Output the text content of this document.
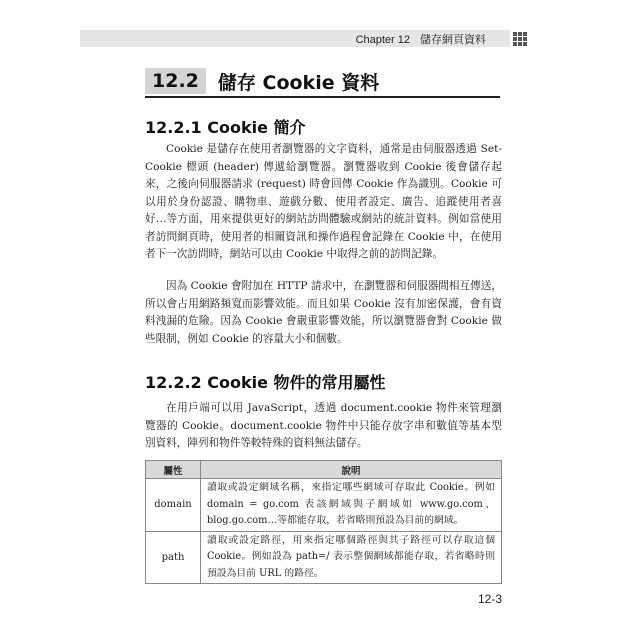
Chapter 12 儲存網頁資料
12.2	儲存 Cookie 資料
12.2.1 Cookie 簡介

Cookie 是儲存在使用者瀏覽器的文字資料，通常是由伺服器透過 Set-Cookie 標頭 (header) 傳遞給瀏覽器。瀏覽器收到 Cookie 後會儲存起來，之後向伺服器請求 (request) 時會回傳 Cookie 作為識別。Cookie 可以用於身份認證、購物車、遊戲分數、使用者設定、廣告、追蹤使用者喜好…等方面，用來提供更好的網站訪問體驗或網站的統計資料。例如當使用者訪問網頁時，使用者的相關資訊和操作過程會記錄在 Cookie 中，在使用者下一次訪問時，網站可以由 Cookie 中取得之前的訪問記錄。

因為 Cookie 會附加在 HTTP 請求中，在瀏覽器和伺服器間相互傳送，所以會占用網路頻寬而影響效能。而且如果 Cookie 沒有加密保護，會有資料洩漏的危險。因為 Cookie 會嚴重影響效能，所以瀏覽器會對 Cookie 做些限制，例如 Cookie 的容量大小和個數。

12.2.2 Cookie 物件的常用屬性

在用戶端可以用 JavaScript，透過 document.cookie 物件來管理瀏覽器的 Cookie。document.cookie 物件中只能存放字串和數值等基本型別資料，陣列和物件等較特殊的資料無法儲存。

屬性	說明
domain	讀取或設定網域名稱，來指定哪些網域可存取此 Cookie。例如 domain = go.com 表該網域與子網域如 www.go.com、blog.go.com…等都能存取，若省略則預設為目前的網域。
path	讀取或設定路徑，用來指定哪個路徑與其子路徑可以存取這個 Cookie。例如設為 path=/ 表示整個網域都能存取，若省略時則預設為目前 URL 的路徑。
12-3
